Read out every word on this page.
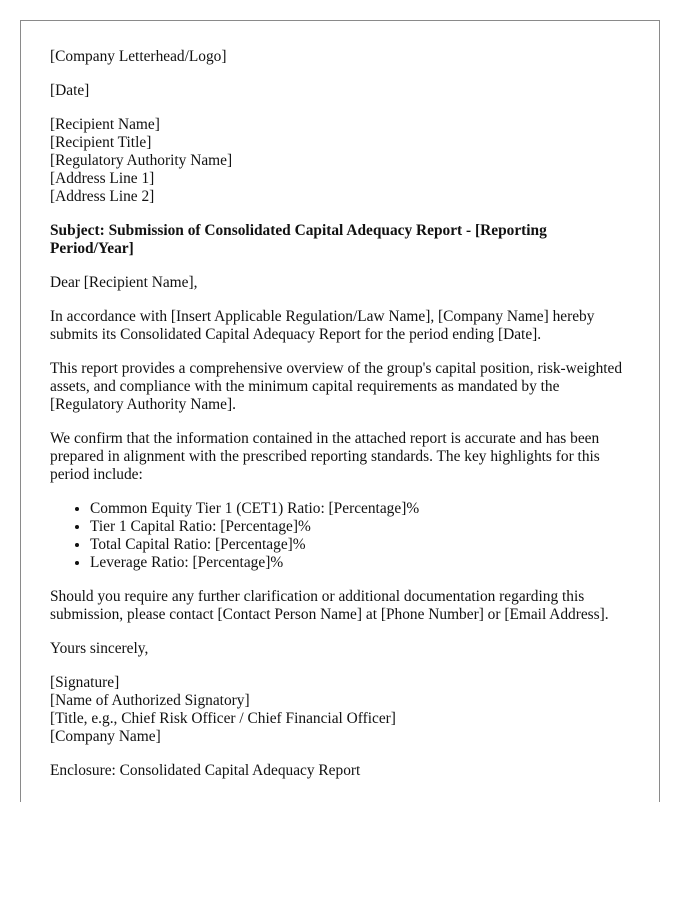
[Company Letterhead/Logo]

[Date]

[Recipient Name]
[Recipient Title]
[Regulatory Authority Name]
[Address Line 1]
[Address Line 2]

Subject: Submission of Consolidated Capital Adequacy Report - [Reporting Period/Year]

Dear [Recipient Name],

In accordance with [Insert Applicable Regulation/Law Name], [Company Name] hereby submits its Consolidated Capital Adequacy Report for the period ending [Date].

This report provides a comprehensive overview of the group's capital position, risk-weighted assets, and compliance with the minimum capital requirements as mandated by the [Regulatory Authority Name].

We confirm that the information contained in the attached report is accurate and has been prepared in alignment with the prescribed reporting standards. The key highlights for this period include:

• Common Equity Tier 1 (CET1) Ratio: [Percentage]%
• Tier 1 Capital Ratio: [Percentage]%
• Total Capital Ratio: [Percentage]%
• Leverage Ratio: [Percentage]%

Should you require any further clarification or additional documentation regarding this submission, please contact [Contact Person Name] at [Phone Number] or [Email Address].

Yours sincerely,

[Signature]
[Name of Authorized Signatory]
[Title, e.g., Chief Risk Officer / Chief Financial Officer]
[Company Name]

Enclosure: Consolidated Capital Adequacy Report
